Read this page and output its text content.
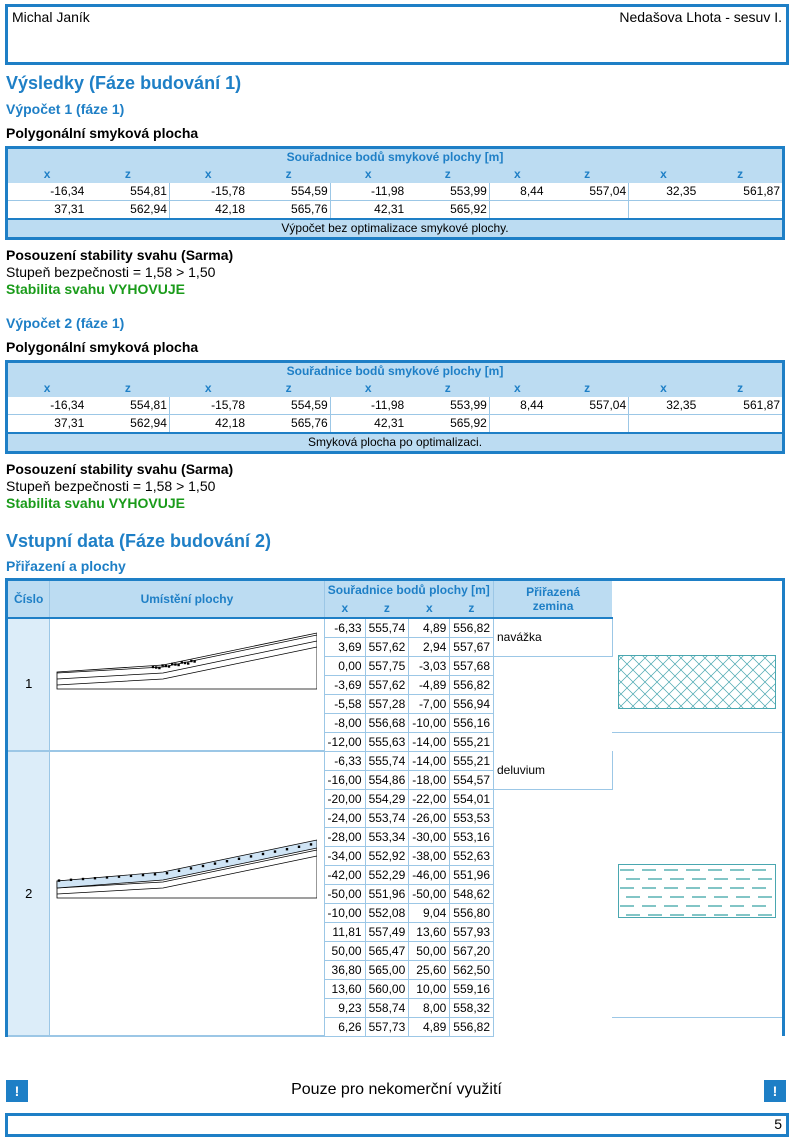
Michal Janík	Nedašova Lhota - sesuv I.
Výsledky (Fáze budování 1)
Výpočet 1 (fáze 1)
Polygonální smyková plocha
Souřadnice bodů smykové plochy [m]									
x	z	x	z	x	z	x	z	x	z
-16,34	554,81	-15,78	554,59	-11,98	553,99	8,44	557,04	32,35	561,87
37,31	562,94	42,18	565,76	42,31	565,92				
Výpočet bez optimalizace smykové plochy.									
Posouzení stability svahu (Sarma)
Stupeň bezpečnosti = 1,58 > 1,50
Stabilita svahu VYHOVUJE
Výpočet 2 (fáze 1)
Polygonální smyková plocha
Souřadnice bodů smykové plochy [m]									
x	z	x	z	x	z	x	z	x	z
-16,34	554,81	-15,78	554,59	-11,98	553,99	8,44	557,04	32,35	561,87
37,31	562,94	42,18	565,76	42,31	565,92				
Smyková plocha po optimalizaci.									
Posouzení stability svahu (Sarma)
Stupeň bezpečnosti = 1,58 > 1,50
Stabilita svahu VYHOVUJE
Vstupní data (Fáze budování 2)
Přiřazení a plochy
Číslo	Umístění plochy	Souřadnice bodů plochy [m]				Přiřazená
zemina	

		x	z	x	z		
1		-6,33	555,74	4,89	556,82	navážka	
		3,69	557,62	2,94	557,67	
		0,00	557,75	-3,03	557,68		
		-3,69	557,62	-4,89	556,82		
		-5,58	557,28	-7,00	556,94		
		-8,00	556,68	-10,00	556,16		
		-12,00	555,63	-14,00	555,21		
2		-6,33	555,74	-14,00	555,21	deluvium	
		-16,00	554,86	-18,00	554,57	
		-20,00	554,29	-22,00	554,01		
		-24,00	553,74	-26,00	553,53		
		-28,00	553,34	-30,00	553,16		
		-34,00	552,92	-38,00	552,63		
		-42,00	552,29	-46,00	551,96		
		-50,00	551,96	-50,00	548,62		
		-10,00	552,08	9,04	556,80		
		11,81	557,49	13,60	557,93		
		50,00	565,47	50,00	567,20		
		36,80	565,00	25,60	562,50		
		13,60	560,00	10,00	559,16		
		9,23	558,74	8,00	558,32		
		6,26	557,73	4,89	556,82		
!	Pouze pro nekomerční využití	!
5
